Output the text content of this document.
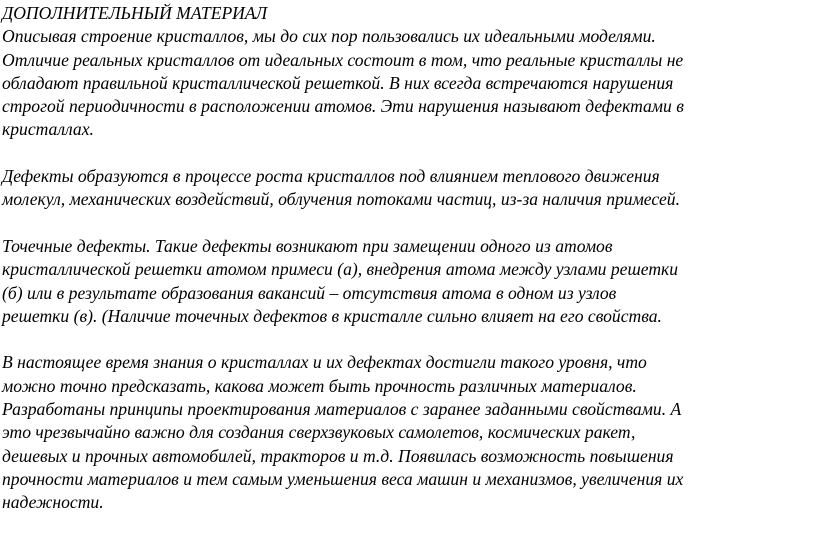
ДОПОЛНИТЕЛЬНЫЙ МАТЕРИАЛ
Описывая строение кристаллов, мы до сих пор пользовались их идеальными моделями.
Отличие реальных кристаллов от идеальных состоит в том, что реальные кристаллы не
обладают правильной кристаллической решеткой. В них всегда встречаются нарушения
строгой периодичности в расположении атомов. Эти нарушения называют дефектами в
кристаллах.
Дефекты образуются в процессе роста кристаллов под влиянием теплового движения
молекул, механических воздействий, облучения потоками частиц, из-за наличия примесей.
Точечные дефекты. Такие дефекты возникают при замещении одного из атомов
кристаллической решетки атомом примеси (а), внедрения атома между узлами решетки
(б) или в результате образования вакансий – отсутствия атома в одном из узлов
решетки (в). (Наличие точечных дефектов в кристалле сильно влияет на его свойства.
В настоящее время знания о кристаллах и их дефектах достигли такого уровня, что
можно точно предсказать, какова может быть прочность различных материалов.
Разработаны принципы проектирования материалов с заранее заданными свойствами. А
это чрезвычайно важно для создания сверхзвуковых самолетов, космических ракет,
дешевых и прочных автомобилей, тракторов и т.д. Появилась возможность повышения
прочности материалов и тем самым уменьшения веса машин и механизмов, увеличения их
надежности.
